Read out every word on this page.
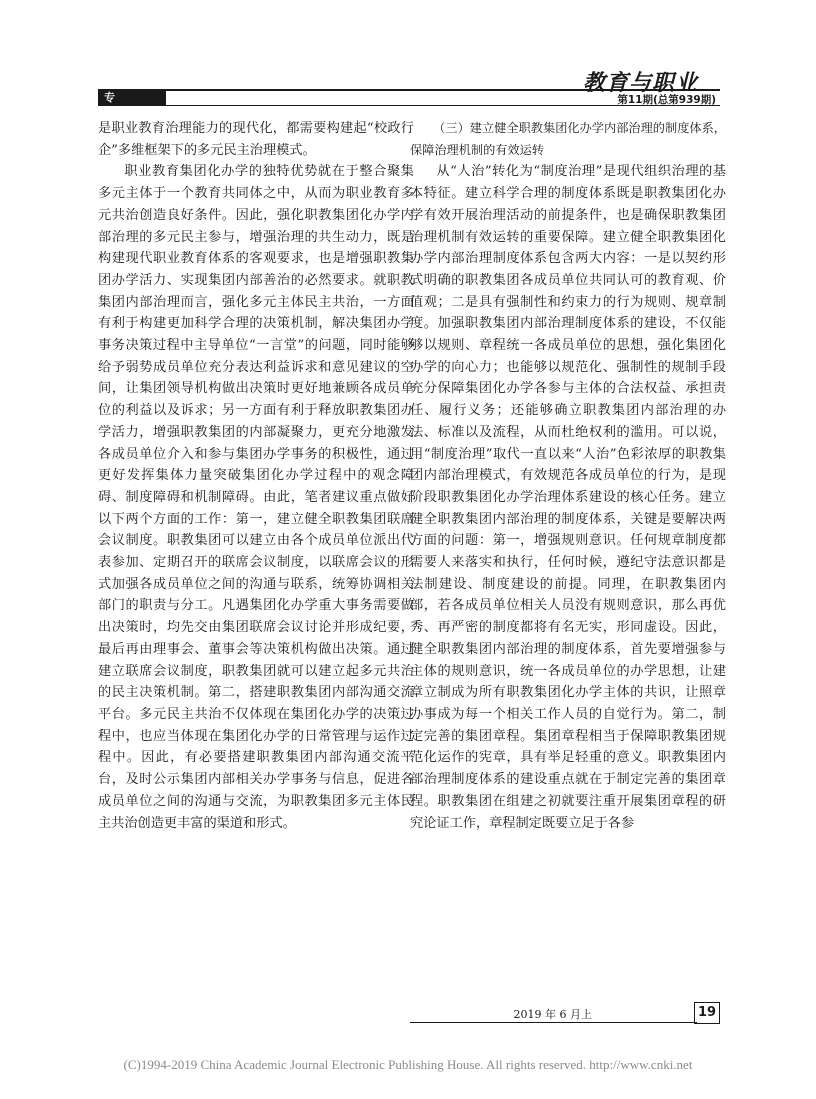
专 题
教育与职业
第11期(总第939期)

是职业教育治理能力的现代化，都需要构建起“校政行企”多维框架下的多元民主治理模式。

职业教育集团化办学的独特优势就在于整合聚集多元主体于一个教育共同体之中，从而为职业教育多元共治创造良好条件。因此，强化职教集团化办学内部治理的多元民主参与，增强治理的共生动力，既是构建现代职业教育体系的客观要求，也是增强职教集团办学活力、实现集团内部善治的必然要求。就职教集团内部治理而言，强化多元主体民主共治，一方面有利于构建更加科学合理的决策机制，解决集团办学事务决策过程中主导单位“一言堂”的问题，同时能够给予弱势成员单位充分表达利益诉求和意见建议的空间，让集团领导机构做出决策时更好地兼顾各成员单位的利益以及诉求；另一方面有利于释放职教集团办学活力，增强职教集团的内部凝聚力，更充分地激发各成员单位介入和参与集团办学事务的积极性，通过更好发挥集体力量突破集团化办学过程中的观念障碍、制度障碍和机制障碍。由此，笔者建议重点做好以下两个方面的工作：第一，建立健全职教集团联席会议制度。职教集团可以建立由各个成员单位派出代表参加、定期召开的联席会议制度，以联席会议的形式加强各成员单位之间的沟通与联系，统筹协调相关部门的职责与分工。凡遇集团化办学重大事务需要做出决策时，均先交由集团联席会议讨论并形成纪要，最后再由理事会、董事会等决策机构做出决策。通过建立联席会议制度，职教集团就可以建立起多元共治的民主决策机制。第二，搭建职教集团内部沟通交流平台。多元民主共治不仅体现在集团化办学的决策过程中，也应当体现在集团化办学的日常管理与运作过程中。因此，有必要搭建职教集团内部沟通交流平台，及时公示集团内部相关办学事务与信息，促进各成员单位之间的沟通与交流，为职教集团多元主体民主共治创造更丰富的渠道和形式。

（三）建立健全职教集团化办学内部治理的制度体系，保障治理机制的有效运转

从“人治”转化为“制度治理”是现代组织治理的基本特征。建立科学合理的制度体系既是职教集团化办学有效开展治理活动的前提条件，也是确保职教集团治理机制有效运转的重要保障。建立健全职教集团化办学内部治理制度体系包含两大内容：一是以契约形式明确的职教集团各成员单位共同认可的教育观、价值观；二是具有强制性和约束力的行为规则、规章制度。加强职教集团内部治理制度体系的建设，不仅能够以规则、章程统一各成员单位的思想，强化集团化办学的向心力；也能够以规范化、强制性的规制手段充分保障集团化办学各参与主体的合法权益、承担责任、履行义务；还能够确立职教集团内部治理的办法、标准以及流程，从而杜绝权利的滥用。可以说，用“制度治理”取代一直以来“人治”色彩浓厚的职教集团内部治理模式，有效规范各成员单位的行为，是现阶段职教集团化办学治理体系建设的核心任务。建立健全职教集团内部治理的制度体系，关键是要解决两方面的问题：第一，增强规则意识。任何规章制度都需要人来落实和执行，任何时候，遵纪守法意识都是法制建设、制度建设的前提。同理，在职教集团内部，若各成员单位相关人员没有规则意识，那么再优秀、再严密的制度都将有名无实，形同虚设。因此，健全职教集团内部治理的制度体系，首先要增强参与主体的规则意识，统一各成员单位的办学思想，让建章立制成为所有职教集团化办学主体的共识，让照章办事成为每一个相关工作人员的自觉行为。第二，制定完善的集团章程。集团章程相当于保障职教集团规范化运作的宪章，具有举足轻重的意义。职教集团内部治理制度体系的建设重点就在于制定完善的集团章程。职教集团在组建之初就要注重开展集团章程的研究论证工作，章程制定既要立足于各参

2019 年 6 月上	19
(C)1994-2019 China Academic Journal Electronic Publishing House. All rights reserved. http://www.cnki.net
